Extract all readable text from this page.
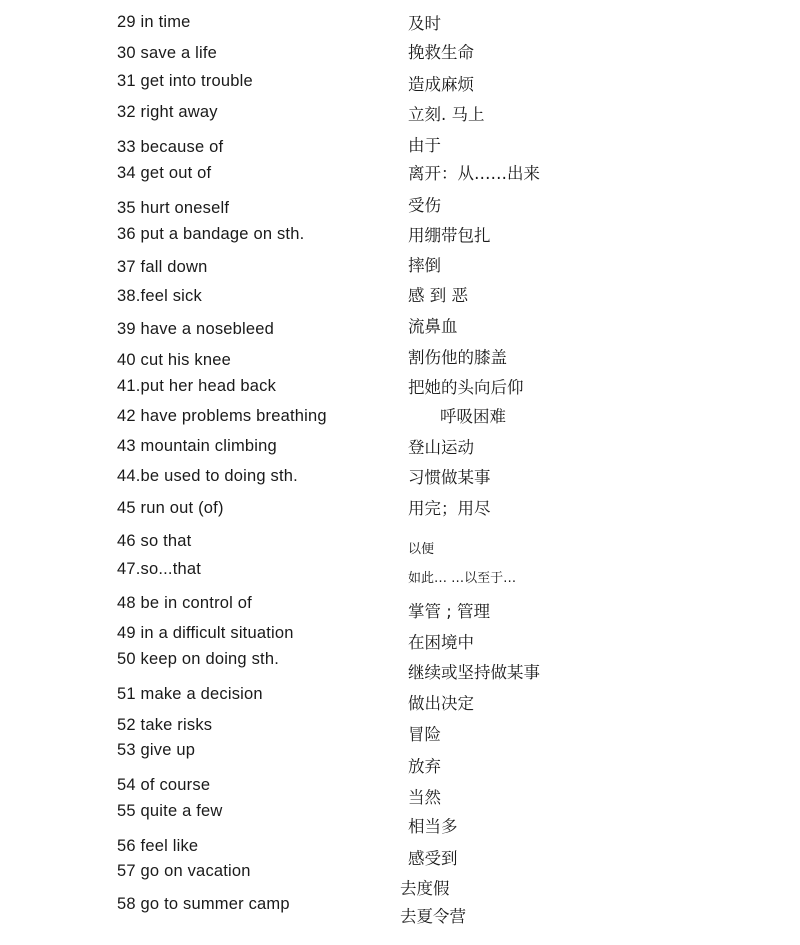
29 in time
30 save a life
31 get into trouble
32 right away
33 because of
34 get out of
35 hurt oneself
36 put a bandage on sth.
37 fall down
38.feel sick
39 have a nosebleed
40 cut his knee
41.put her head back
42 have problems breathing
43 mountain climbing
44.be used to doing sth.
45 run out (of)
46 so that
47.so...that
48 be in control of
49 in a difficult situation
50 keep on doing sth.
51 make a decision
52 take risks
53 give up
54 of course
55 quite a few
56 feel like
57 go on vacation
58 go to summer camp
及时
挽救生命
造成麻烦
立刻. 马上
由于
离开：从……出来
受伤
用绷带包扎
摔倒
感 到 恶
流鼻血
割伤他的膝盖
把她的头向后仰
呼吸困难
登山运动
习惯做某事
用完；用尽
以便
如此… …以至于…
掌管 ; 管理
在困境中
继续或坚持做某事
做出决定
冒险
放弃
当然
相当多
感受到
去度假
去夏令营
